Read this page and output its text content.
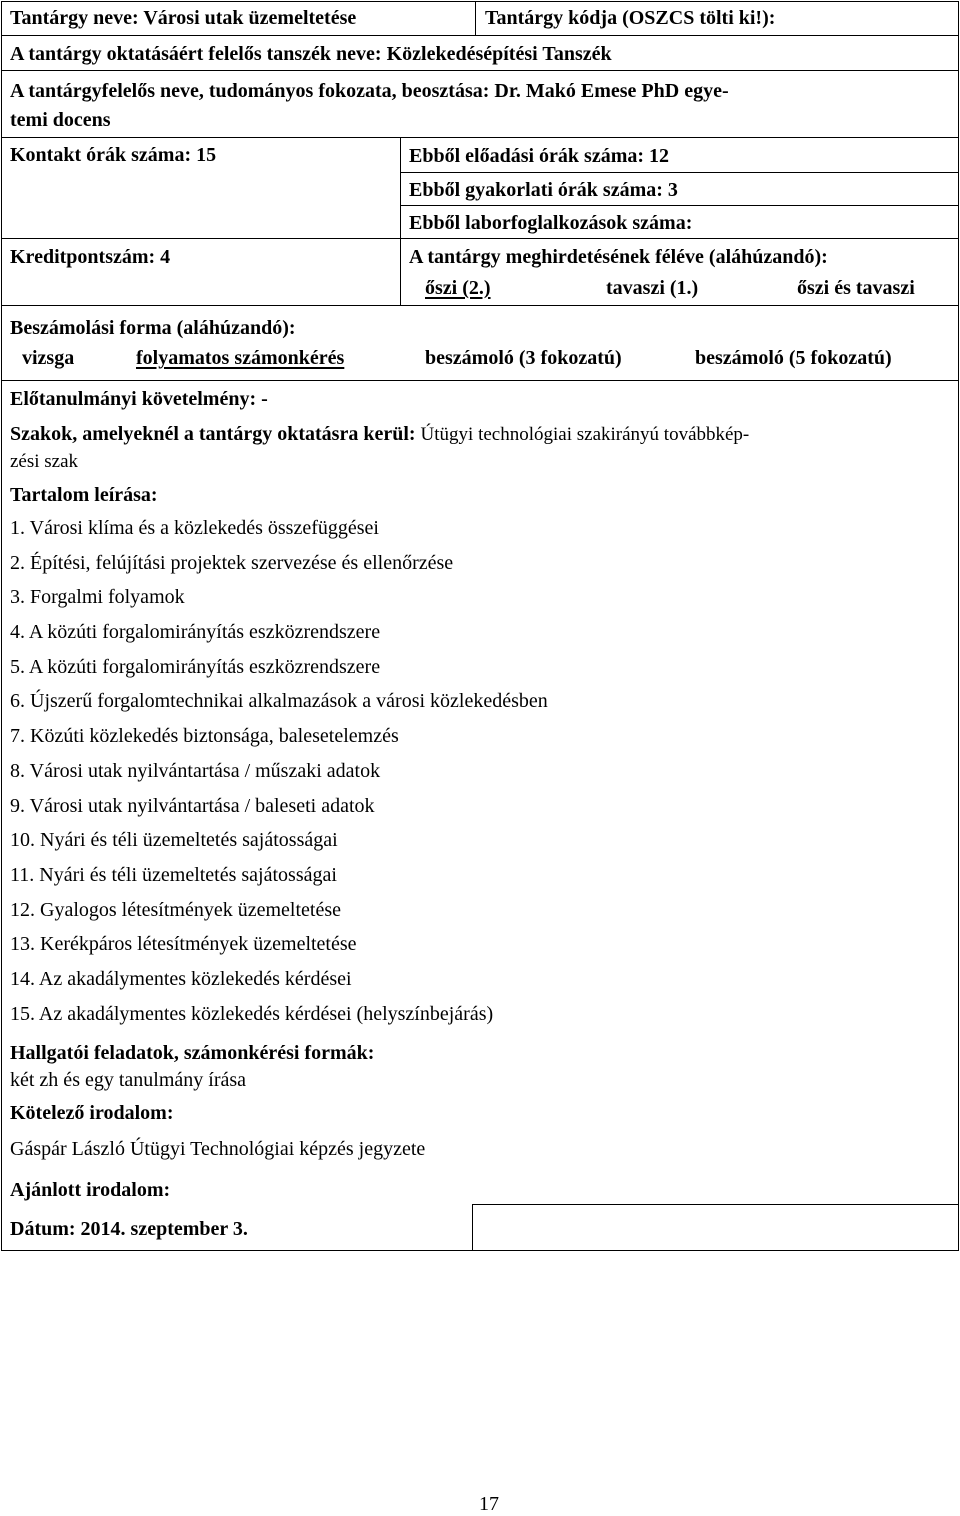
Tantárgy neve: Városi utak üzemeltetése	Tantárgy kódja (OSZCS tölti ki!):
A tantárgy oktatásáért felelős tanszék neve: Közlekedésépítési Tanszék
A tantárgyfelelős neve, tudományos fokozata, beosztása: Dr. Makó Emese PhD egye-
temi docens
Kontakt órák száma: 15	Ebből előadási órák száma: 12
Ebből gyakorlati órák száma: 3
Ebből laborfoglalkozások száma:
Kreditpontszám: 4	A tantárgy meghirdetésének féléve (aláhúzandó):
őszi (2.)	tavaszi (1.)	őszi és tavaszi
Beszámolási forma (aláhúzandó):
vizsga	folyamatos számonkérés	beszámoló (3 fokozatú)	beszámoló (5 fokozatú)
Előtanulmányi követelmény: -
Szakok, amelyeknél a tantárgy oktatásra kerül: Útügyi technológiai szakirányú továbbkép-
zési szak
Tartalom leírása:
1. Városi klíma és a közlekedés összefüggései
2. Építési, felújítási projektek szervezése és ellenőrzése
3. Forgalmi folyamok
4. A közúti forgalomirányítás eszközrendszere
5. A közúti forgalomirányítás eszközrendszere
6. Újszerű forgalomtechnikai alkalmazások a városi közlekedésben
7. Közúti közlekedés biztonsága, balesetelemzés
8. Városi utak nyilvántartása / műszaki adatok
9. Városi utak nyilvántartása / baleseti adatok
10. Nyári és téli üzemeltetés sajátosságai
11. Nyári és téli üzemeltetés sajátosságai
12. Gyalogos létesítmények üzemeltetése
13. Kerékpáros létesítmények üzemeltetése
14. Az akadálymentes közlekedés kérdései
15. Az akadálymentes közlekedés kérdései (helyszínbejárás)
Hallgatói feladatok, számonkérési formák:
két zh és egy tanulmány írása
Kötelező irodalom:
Gáspár László Útügyi Technológiai képzés jegyzete
Ajánlott irodalom:
Dátum: 2014. szeptember 3.
17
